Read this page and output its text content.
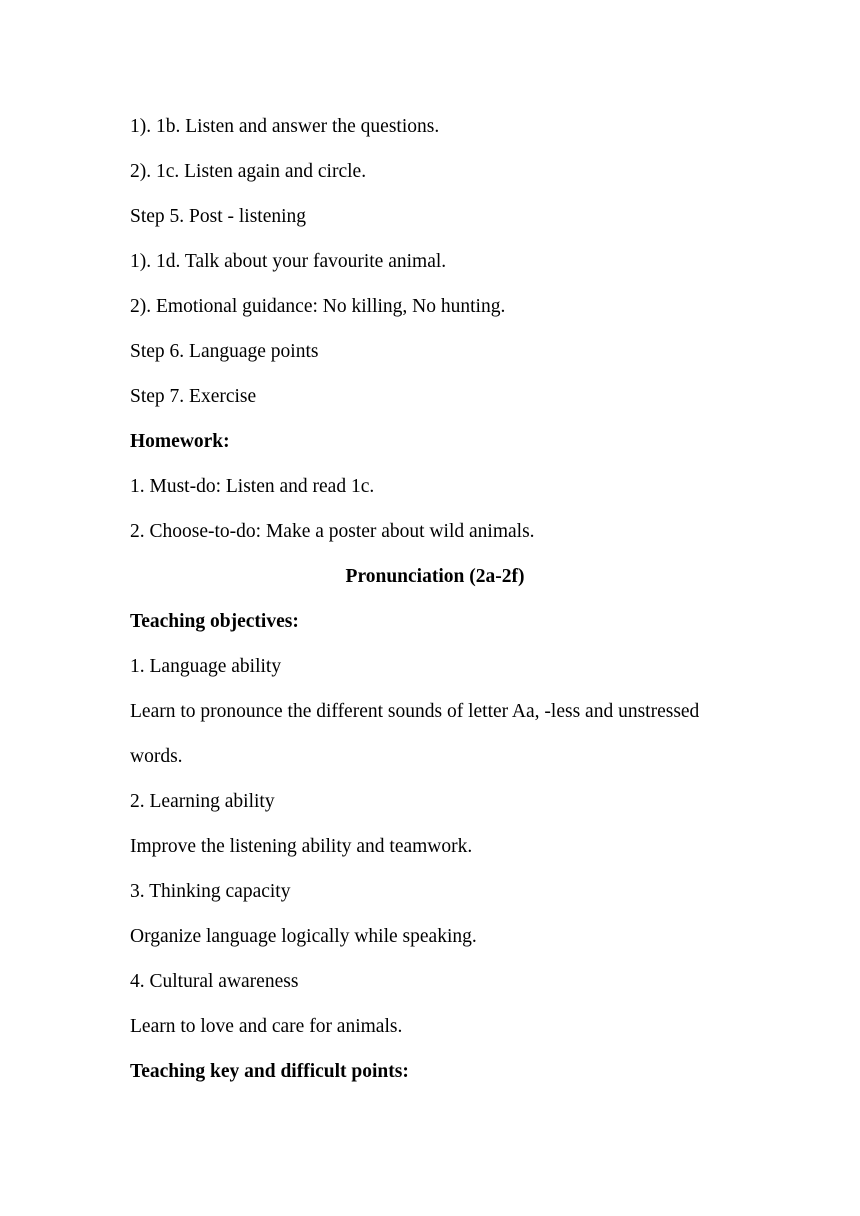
1). 1b. Listen and answer the questions.
2). 1c. Listen again and circle.
Step 5. Post - listening
1). 1d. Talk about your favourite animal.
2). Emotional guidance: No killing, No hunting.
Step 6. Language points
Step 7. Exercise
Homework:
1. Must-do: Listen and read 1c.
2. Choose-to-do: Make a poster about wild animals.
Pronunciation (2a-2f)
Teaching objectives:
1. Language ability
Learn to pronounce the different sounds of letter Aa, -less and unstressed
words.
2. Learning ability
Improve the listening ability and teamwork.
3. Thinking capacity
Organize language logically while speaking.
4. Cultural awareness
Learn to love and care for animals.
Teaching key and difficult points:
